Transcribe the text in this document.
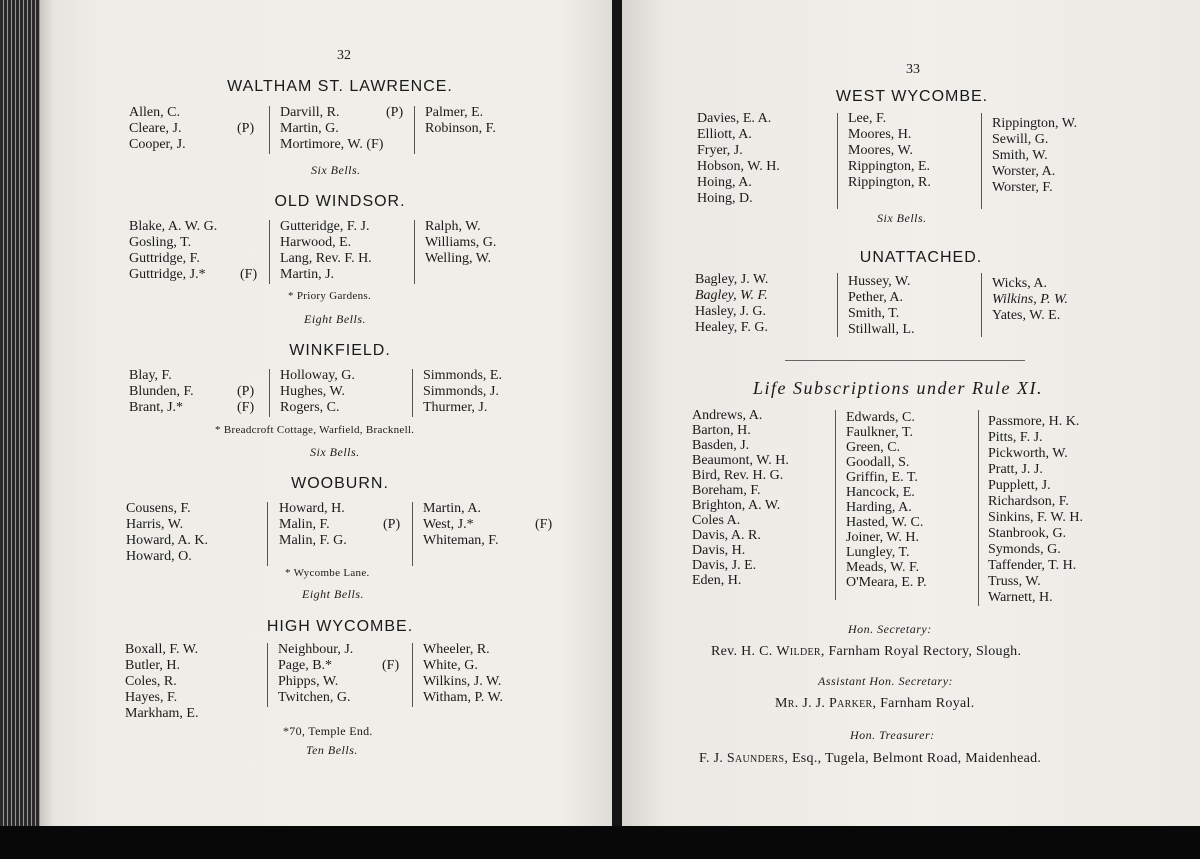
32
WALTHAM ST. LAWRENCE.
Allen, C.
Cleare, J.	(P)
Cooper, J.
Darvill, R.	(P)
Martin, G.
Mortimore, W. (F)
Palmer, E.
Robinson, F.
Six Bells.
OLD WINDSOR.
Blake, A. W. G.
Gosling, T.
Guttridge, F.
Guttridge, J.* (F)
Gutteridge, F. J.
Harwood, E.
Lang, Rev. F. H.
Martin, J.
Ralph, W.
Williams, G.
Welling, W.
* Priory Gardens.
Eight Bells.
WINKFIELD.
Blay, F.
Blunden, F.	(P)
Brant, J.*	(F)
Holloway, G.
Hughes, W.
Rogers, C.
Simmonds, E.
Simmonds, J.
Thurmer, J.
* Breadcroft Cottage, Warfield, Bracknell.
Six Bells.
WOOBURN.
Cousens, F.
Harris, W.
Howard, A. K.
Howard, O.
Howard, H.
Malin, F.	(P)
Malin, F. G.
Martin, A.
West, J.*	(F)
Whiteman, F.
* Wycombe Lane.
Eight Bells.
HIGH WYCOMBE.
Boxall, F. W.
Butler, H.
Coles, R.
Hayes, F.
Markham, E.
Neighbour, J.
Page, B.*	(F)
Phipps, W.
Twitchen, G.
Wheeler, R.
White, G.
Wilkins, J. W.
Witham, P. W.
*70, Temple End.
Ten Bells.
33
WEST WYCOMBE.
Davies, E. A.
Elliott, A.
Fryer, J.
Hobson, W. H.
Hoing, A.
Hoing, D.
Lee, F.
Moores, H.
Moores, W.
Rippington, E.
Rippington, R.
Rippington, W.
Sewill, G.
Smith, W.
Worster, A.
Worster, F.
Six Bells.
UNATTACHED.
Bagley, J. W.
Bagley, W. F.
Hasley, J. G.
Healey, F. G.
Hussey, W.
Pether, A.
Smith, T.
Stillwall, L.
Wicks, A.
Wilkins, P. W.
Yates, W. E.
Life Subscriptions under Rule XI.
Andrews, A.
Barton, H.
Basden, J.
Beaumont, W. H.
Bird, Rev. H. G.
Boreham, F.
Brighton, A. W.
Coles A.
Davis, A. R.
Davis, H.
Davis, J. E.
Eden, H.
Edwards, C.
Faulkner, T.
Green, C.
Goodall, S.
Griffin, E. T.
Hancock, E.
Harding, A.
Hasted, W. C.
Joiner, W. H.
Lungley, T.
Meads, W. F.
O'Meara, E. P.
Passmore, H. K.
Pitts, F. J.
Pickworth, W.
Pratt, J. J.
Pupplett, J.
Richardson, F.
Sinkins, F. W. H.
Stanbrook, G.
Symonds, G.
Taffender, T. H.
Truss, W.
Warnett, H.
Hon. Secretary:
Rev. H. C. Wilder, Farnham Royal Rectory, Slough.
Assistant Hon. Secretary:
Mr. J. J. Parker, Farnham Royal.
Hon. Treasurer:
F. J. Saunders, Esq., Tugela, Belmont Road, Maidenhead.
